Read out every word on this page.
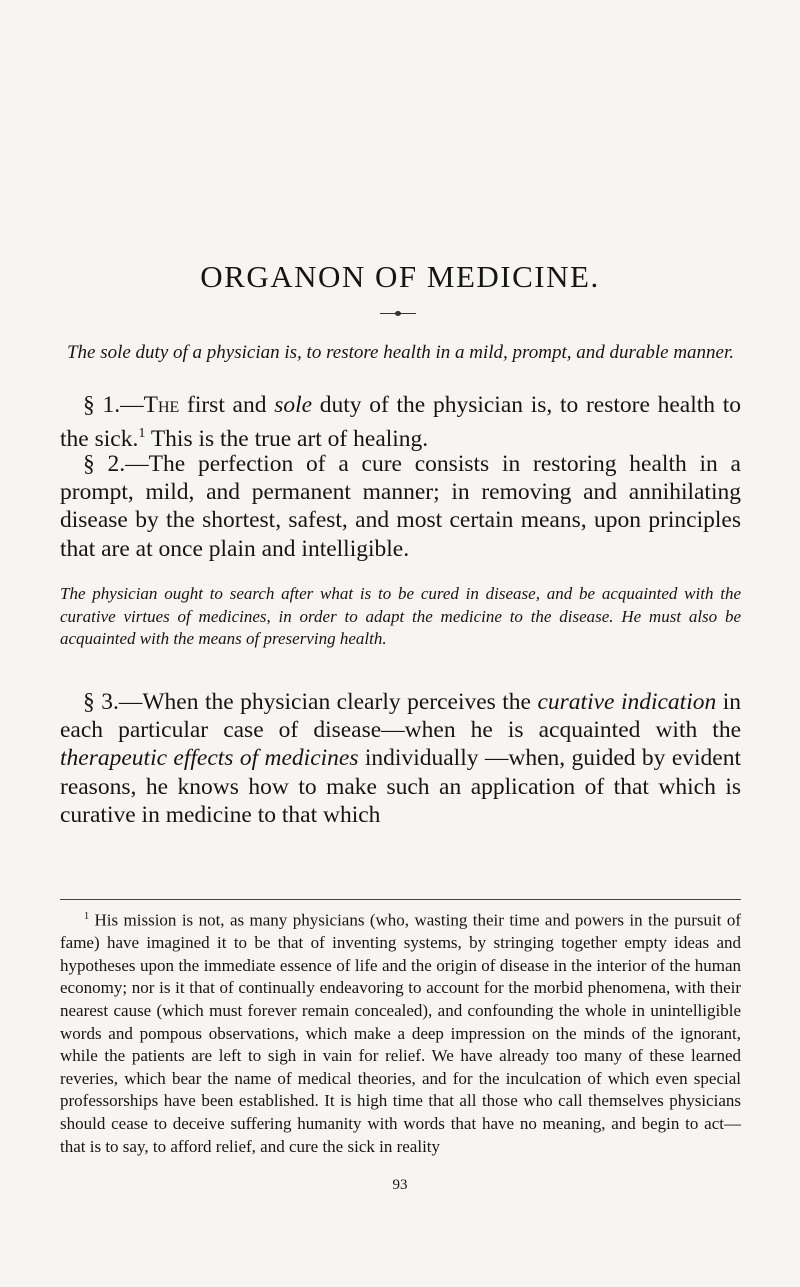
ORGANON OF MEDICINE.
The sole duty of a physician is, to restore health in a mild, prompt, and durable manner.
§ 1.—The first and sole duty of the physician is, to restore health to the sick.$^1$ This is the true art of healing.
§ 2.—The perfection of a cure consists in restoring health in a prompt, mild, and permanent manner; in removing and annihilating disease by the shortest, safest, and most certain means, upon principles that are at once plain and intelligible.
The physician ought to search after what is to be cured in disease, and be acquainted with the curative virtues of medicines, in order to adapt the medicine to the disease. He must also be acquainted with the means of preserving health.
§ 3.—When the physician clearly perceives the curative indication in each particular case of disease—when he is acquainted with the therapeutic effects of medicines individually —when, guided by evident reasons, he knows how to make such an application of that which is curative in medicine to that which
$^1$ His mission is not, as many physicians (who, wasting their time and powers in the pursuit of fame) have imagined it to be that of inventing systems, by stringing together empty ideas and hypotheses upon the immediate essence of life and the origin of disease in the interior of the human economy; nor is it that of continually endeavoring to account for the morbid phenomena, with their nearest cause (which must forever remain concealed), and confounding the whole in unintelligible words and pompous observations, which make a deep impression on the minds of the ignorant, while the patients are left to sigh in vain for relief. We have already too many of these learned reveries, which bear the name of medical theories, and for the inculcation of which even special professorships have been established. It is high time that all those who call themselves physicians should cease to deceive suffering humanity with words that have no meaning, and begin to act—that is to say, to afford relief, and cure the sick in reality
93
